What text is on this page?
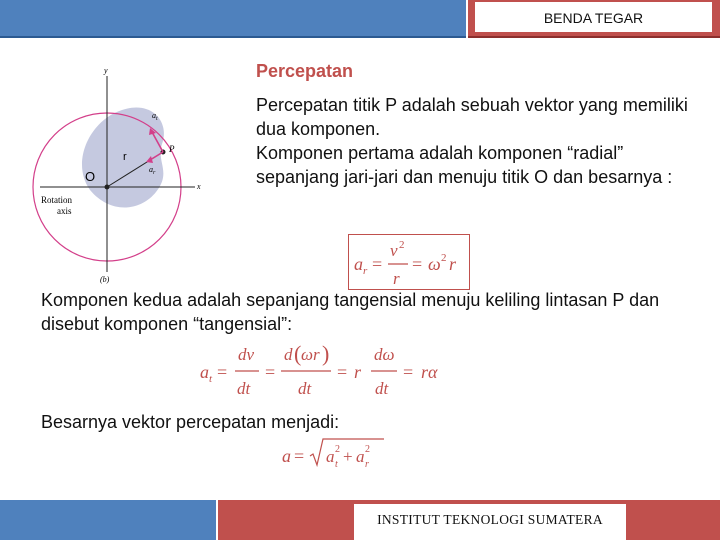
BENDA TEGAR
y
x
$a_t$
$a_r$
P
r
O
Rotation
axis
(b)
Percepatan
Percepatan titik P adalah sebuah vektor yang memiliki dua komponen.
Komponen pertama adalah komponen “radial” sepanjang jari-jari dan menuju titik O dan besarnya :
a r =
v 2
r
= ω 2 r
Komponen kedua adalah sepanjang tangensial menuju keliling lintasan P dan disebut komponen “tangensial”:
a t =
dv
dt
=
d ( ωr )
dt
= r
dω
dt
= rα
Besarnya vektor percepatan menjadi:
a = a t
2 + a r
2
INSTITUT TEKNOLOGI SUMATERA
